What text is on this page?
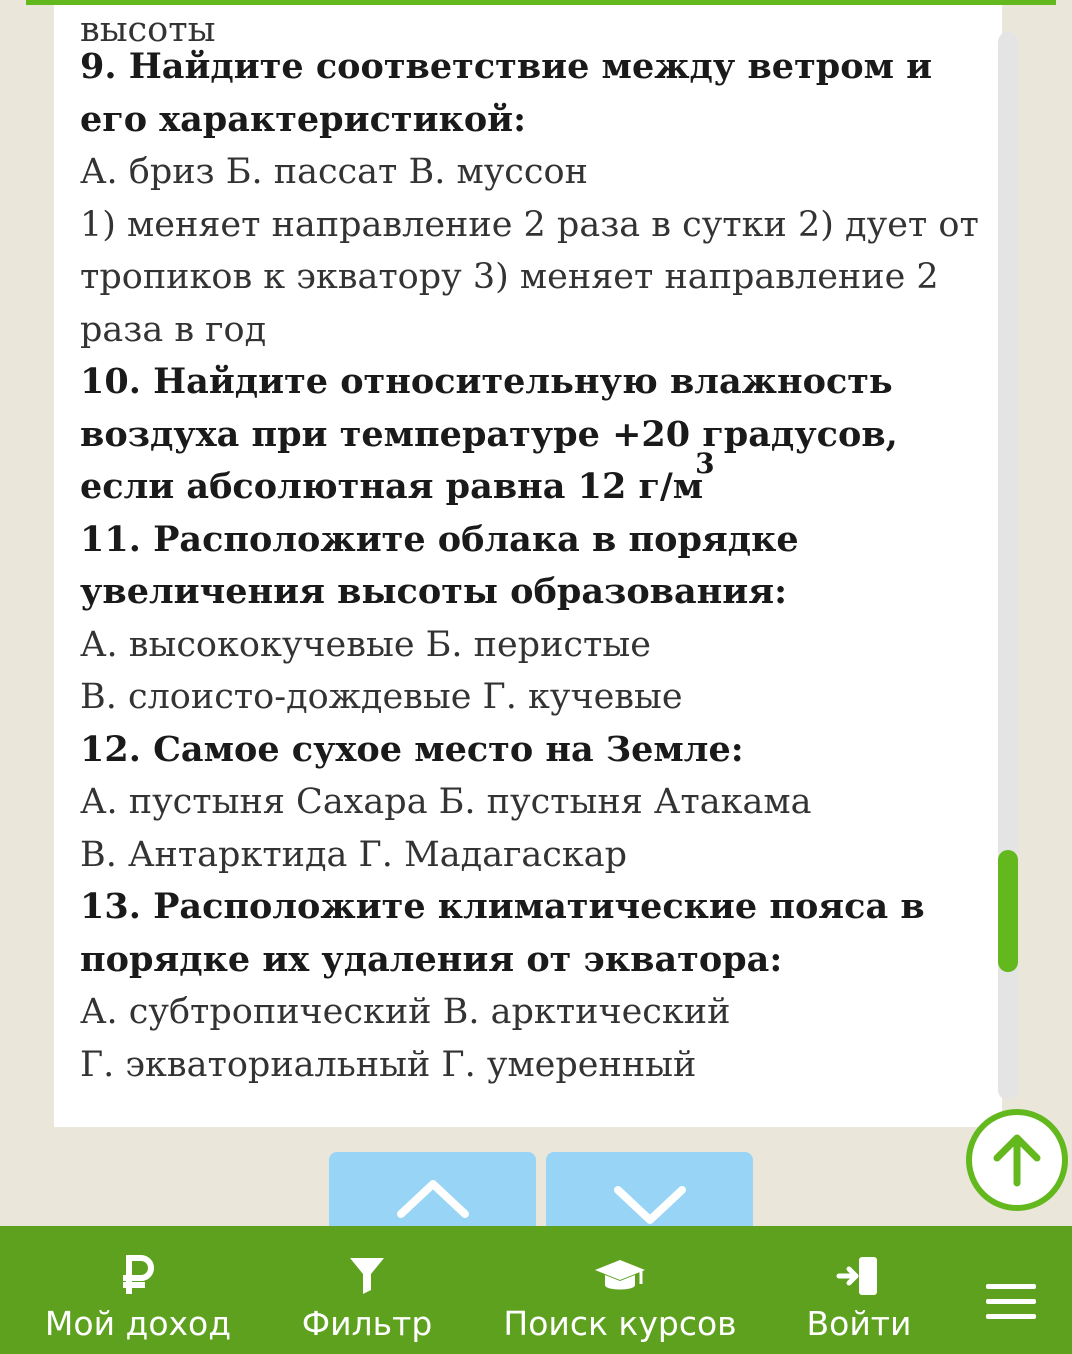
высоты

9. Найдите соответствие между ветром и его характеристикой:

А. бриз Б. пассат В. муссон

1) меняет направление 2 раза в сутки 2) дует от тропиков к экватору 3) меняет направление 2 раза в год

10. Найдите относительную влажность воздуха при температуре +20 градусов, если абсолютная равна 12 $г/м^3$

11. Расположите облака в порядке увеличения высоты образования:

А. высококучевые Б. перистые

В. слоисто-дождевые Г. кучевые

12. Самое сухое место на Земле:

А. пустыня Сахара Б. пустыня Атакама

В. Антарктида Г. Мадагаскар

13. Расположите климатические пояса в порядке их удаления от экватора:

А. субтропический В. арктический

Г. экваториальный Г. умеренный

Мой доход Фильтр Поиск курсов	Войти
